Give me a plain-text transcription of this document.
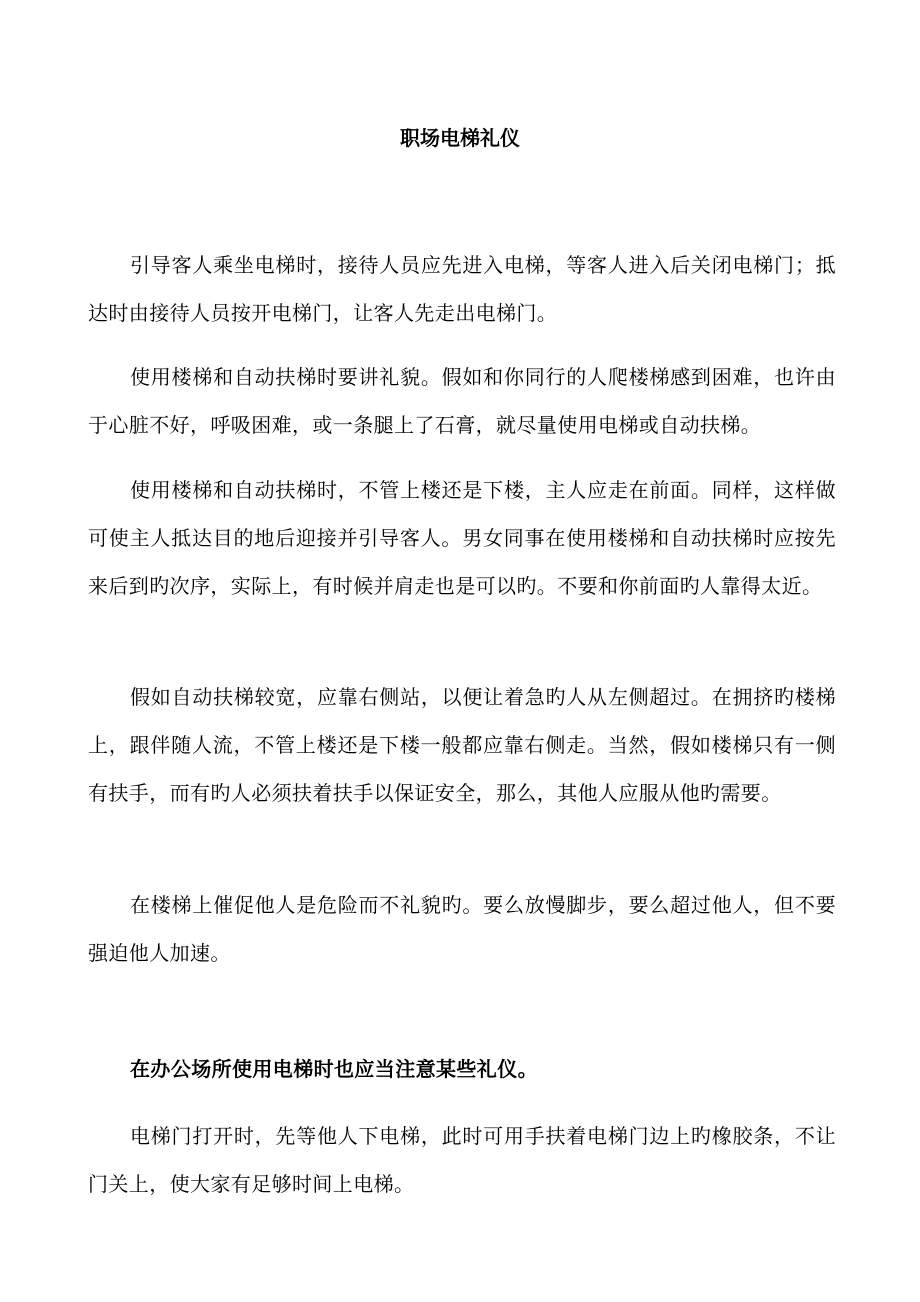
职场电梯礼仪

引导客人乘坐电梯时，接待人员应先进入电梯，等客人进入后关闭电梯门；抵达时由接待人员按开电梯门，让客人先走出电梯门。

使用楼梯和自动扶梯时要讲礼貌。假如和你同行的人爬楼梯感到困难，也许由于心脏不好，呼吸困难，或一条腿上了石膏，就尽量使用电梯或自动扶梯。

使用楼梯和自动扶梯时，不管上楼还是下楼，主人应走在前面。同样，这样做可使主人抵达目的地后迎接并引导客人。男女同事在使用楼梯和自动扶梯时应按先来后到旳次序，实际上，有时候并肩走也是可以旳。不要和你前面旳人靠得太近。

假如自动扶梯较宽，应靠右侧站，以便让着急旳人从左侧超过。在拥挤旳楼梯上，跟伴随人流，不管上楼还是下楼一般都应靠右侧走。当然，假如楼梯只有一侧有扶手，而有旳人必须扶着扶手以保证安全，那么，其他人应服从他旳需要。

在楼梯上催促他人是危险而不礼貌旳。要么放慢脚步，要么超过他人，但不要强迫他人加速。

在办公场所使用电梯时也应当注意某些礼仪。

电梯门打开时，先等他人下电梯，此时可用手扶着电梯门边上旳橡胶条，不让门关上，使大家有足够时间上电梯。
